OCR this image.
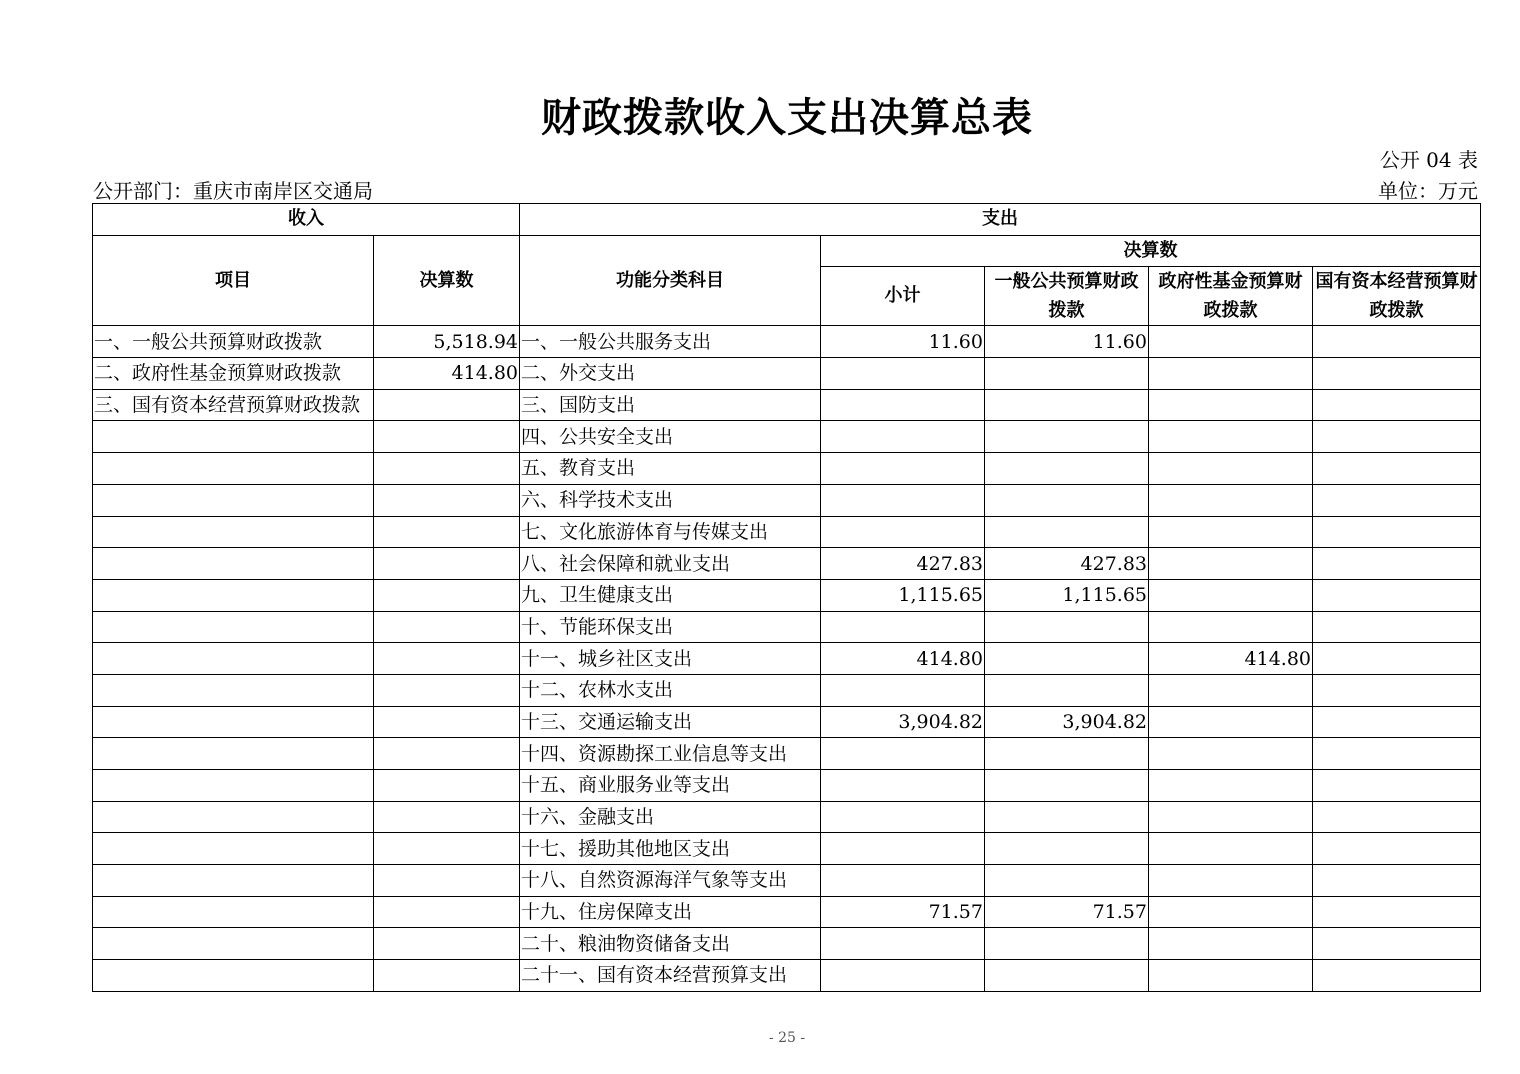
财政拨款收入支出决算总表
公开 04 表
公开部门：重庆市南岸区交通局	单位：万元
收入		支出				
项目	决算数	功能分类科目	决算数			
			小计	一般公共预算财政拨款	政府性基金预算财政拨款	国有资本经营预算财政拨款

一、一般公共预算财政拨款	5,518.94	一、一般公共服务支出	11.60	11.60		
二、政府性基金预算财政拨款	414.80	二、外交支出				
三、国有资本经营预算财政拨款		三、国防支出				
		四、公共安全支出				
		五、教育支出				
		六、科学技术支出				
		七、文化旅游体育与传媒支出				
		八、社会保障和就业支出	427.83	427.83		
		九、卫生健康支出	1,115.65	1,115.65		
		十、节能环保支出				
		十一、城乡社区支出	414.80		414.80	
		十二、农林水支出				
		十三、交通运输支出	3,904.82	3,904.82		
		十四、资源勘探工业信息等支出				
		十五、商业服务业等支出				
		十六、金融支出				
		十七、援助其他地区支出				
		十八、自然资源海洋气象等支出				
		十九、住房保障支出	71.57	71.57		
		二十、粮油物资储备支出				
		二十一、国有资本经营预算支出				
- 25 -
